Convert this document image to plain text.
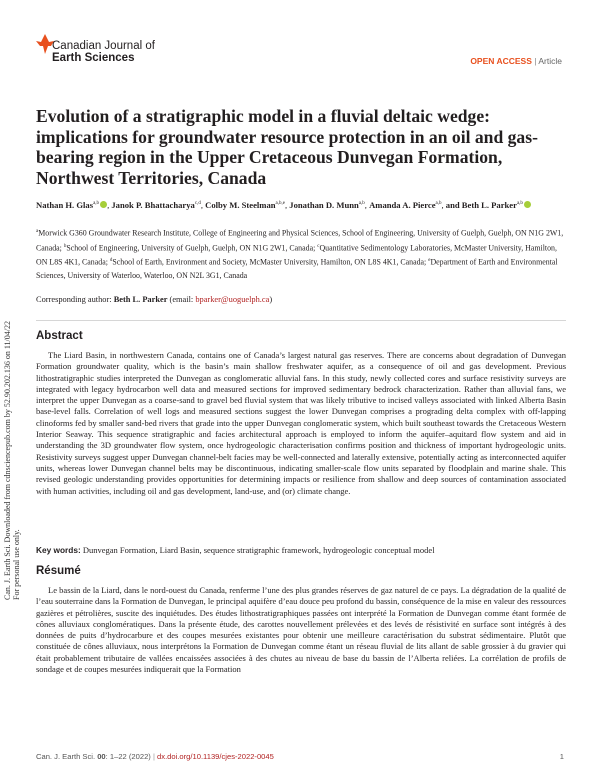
Can. J. Earth Sci. Downloaded from cdnsciencepub.com by 52.90.202.136 on 11/04/22 For personal use only.
Canadian Journal of
Earth Sciences	OPEN ACCESS | Article
Evolution of a stratigraphic model in a fluvial deltaic wedge: implications for groundwater resource protection in an oil and gas-bearing region in the Upper Cretaceous Dunvegan Formation, Northwest Territories, Canada
Nathan H. Glas$^{a,b}$ , Janok P. Bhattacharya$^{c,d}$, Colby M. Steelman$^{a,b,e}$, Jonathan D. Munn$^{a,b}$, Amanda A. Pierce$^{a,b}$, and Beth L. Parker$^{a,b}$
$^a$Morwick G360 Groundwater Research Institute, College of Engineering and Physical Sciences, School of Engineering, University of Guelph, Guelph, ON N1G 2W1, Canada; $^b$School of Engineering, University of Guelph, Guelph, ON N1G 2W1, Canada; $^c$Quantitative Sedimentology Laboratories, McMaster University, Hamilton, ON L8S 4K1, Canada; $^d$School of Earth, Environment and Society, McMaster University, Hamilton, ON L8S 4K1, Canada; $^e$Department of Earth and Environmental Sciences, University of Waterloo, Waterloo, ON N2L 3G1, Canada
Corresponding author: Beth L. Parker (email: bparker@uoguelph.ca)
Abstract

The Liard Basin, in northwestern Canada, contains one of Canada’s largest natural gas reserves. There are concerns about degradation of Dunvegan Formation groundwater quality, which is the basin’s main shallow freshwater aquifer, as a consequence of oil and gas development. Previous lithostratigraphic studies interpreted the Dunvegan as conglomeratic alluvial fans. In this study, newly collected cores and surface resistivity surveys are integrated with legacy hydrocarbon well data and measured sections for improved sedimentary bedrock characterization. Rather than alluvial fans, we interpret the upper Dunvegan as a coarse-sand to gravel bed fluvial system that was likely tributive to incised valleys associated with linked Alberta Basin base-level falls. Correlation of well logs and measured sections suggest the lower Dunvegan comprises a prograding delta complex with off-lapping clinoforms fed by smaller sand-bed rivers that grade into the upper Dunvegan conglomeratic system, which built southeast towards the Cretaceous Western Interior Seaway. This sequence stratigraphic and facies architectural approach is employed to inform the aquifer–aquitard flow system and aid in understanding the 3D groundwater flow system, once hydrogeologic characterisation confirms position and thickness of important hydrogeologic units. Resistivity surveys suggest upper Dunvegan channel-belt facies may be well-connected and laterally extensive, potentially acting as interconnected aquifer units, whereas lower Dunvegan channel belts may be discontinuous, indicating smaller-scale flow units separated by floodplain and marine shale. This revised geologic understanding provides opportunities for determining impacts or resilience from shallow and deep sources of contamination associated with human activities, including oil and gas development, land-use, and (or) climate change.

Key words: Dunvegan Formation, Liard Basin, sequence stratigraphic framework, hydrogeologic conceptual model
Résumé

Le bassin de la Liard, dans le nord-ouest du Canada, renferme l’une des plus grandes réserves de gaz naturel de ce pays. La dégradation de la qualité de l’eau souterraine dans la Formation de Dunvegan, le principal aquifère d’eau douce peu profond du bassin, conséquence de la mise en valeur des ressources gazières et pétrolières, suscite des inquiétudes. Des études lithostratigraphiques passées ont interprété la Formation de Dunvegan comme étant formée de cônes alluviaux conglomératiques. Dans la présente étude, des carottes nouvellement prélevées et des levés de résistivité en surface sont intégrés à des données de puits d’hydrocarbure et des coupes mesurées existantes pour obtenir une meilleure caractérisation du substrat sédimentaire. Plutôt que constituée de cônes alluviaux, nous interprétons la Formation de Dunvegan comme étant un réseau fluvial de lits allant de sable grossier à du gravier qui était probablement tributaire de vallées encaissées associées à des chutes au niveau de base du bassin de l’Alberta reliées. La corrélation de profils de sondage et de coupes mesurées indiquerait que la Formation

Can. J. Earth Sci. 00: 1–22 (2022) | dx.doi.org/10.1139/cjes-2022-0045	1
